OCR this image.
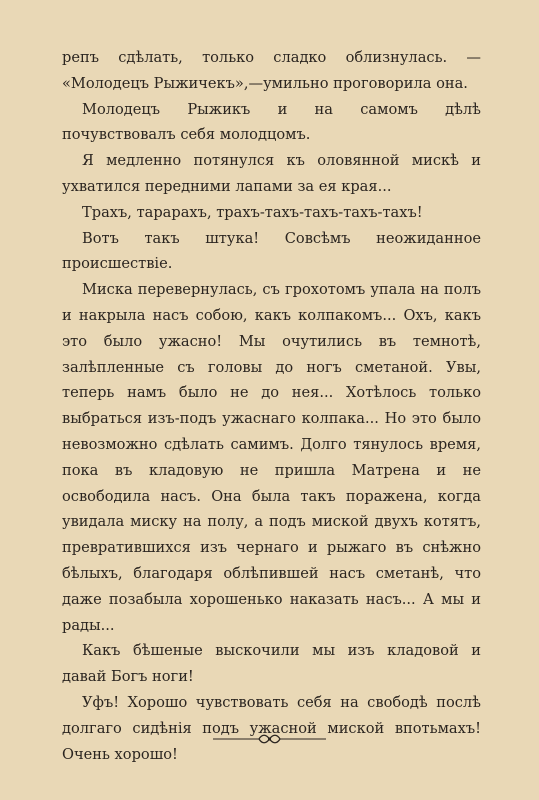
репъ сдѣлать, только сладко облизнулась. — «Молодецъ Рыжичекъ»,—умильно проговорила она.

Молодецъ Рыжикъ и на самомъ дѣлѣ почувствовалъ себя молодцомъ.

Я медленно потянулся къ оловянной мискѣ и ухватился передними лапами за ея края...

Трахъ, тарарахъ, трахъ-тахъ-тахъ-тахъ-тахъ!

Вотъ такъ штука! Совсѣмъ неожиданное происшествіе.

Миска перевернулась, съ грохотомъ упала на полъ и накрыла насъ собою, какъ колпакомъ... Охъ, какъ это было ужасно! Мы очутились въ темнотѣ, залѣпленные съ головы до ногъ сметаной. Увы, теперь намъ было не до нея... Хотѣлось только выбраться изъ-подъ ужаснаго колпака... Но это было невозможно сдѣлать самимъ. Долго тянулось время, пока въ кладовую не пришла Матрена и не освободила насъ. Она была такъ поражена, когда увидала миску на полу, а подъ миской двухъ котятъ, превратившихся изъ чернаго и рыжаго въ снѣжно бѣлыхъ, благодаря облѣпившей насъ сметанѣ, что даже позабыла хорошенько наказать насъ... А мы и рады...

Какъ бѣшеные выскочили мы изъ кладовой и давай Богъ ноги!

Уфъ! Хорошо чувствовать себя на свободѣ послѣ долгаго сидѣнія подъ ужасной миской впотьмахъ! Очень хорошо!
